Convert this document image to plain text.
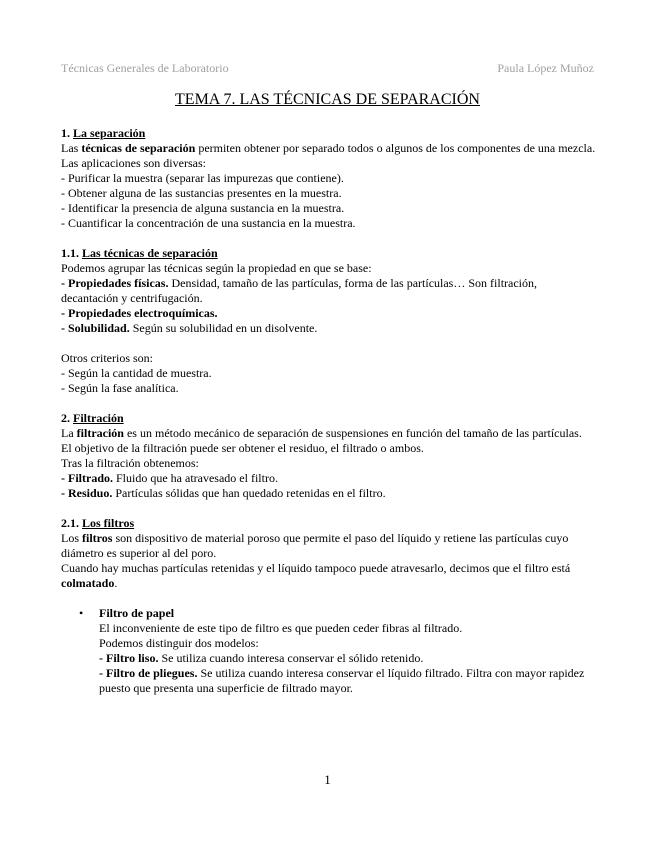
Técnicas Generales de Laboratorio	Paula López Muñoz
TEMA 7. LAS TÉCNICAS DE SEPARACIÓN

1. La separación

Las técnicas de separación permiten obtener por separado todos o algunos de los componentes de una mezcla.

Las aplicaciones son diversas:

- Purificar la muestra (separar las impurezas que contiene).

- Obtener alguna de las sustancias presentes en la muestra.

- Identificar la presencia de alguna sustancia en la muestra.

- Cuantificar la concentración de una sustancia en la muestra.

1.1. Las técnicas de separación

Podemos agrupar las técnicas según la propiedad en que se base:

- Propiedades físicas. Densidad, tamaño de las partículas, forma de las partículas… Son filtración, decantación y centrifugación.

- Propiedades electroquímicas.

- Solubilidad. Según su solubilidad en un disolvente.

Otros criterios son:

- Según la cantidad de muestra.

- Según la fase analítica.

2. Filtración

La filtración es un método mecánico de separación de suspensiones en función del tamaño de las partículas.

El objetivo de la filtración puede ser obtener el residuo, el filtrado o ambos.

Tras la filtración obtenemos:

- Filtrado. Fluido que ha atravesado el filtro.

- Residuo. Partículas sólidas que han quedado retenidas en el filtro.

2.1. Los filtros

Los filtros son dispositivo de material poroso que permite el paso del líquido y retiene las partículas cuyo diámetro es superior al del poro.

Cuando hay muchas partículas retenidas y el líquido tampoco puede atravesarlo, decimos que el filtro está colmatado.

• Filtro de papel

El inconveniente de este tipo de filtro es que pueden ceder fibras al filtrado.

Podemos distinguir dos modelos:

- Filtro liso. Se utiliza cuando interesa conservar el sólido retenido.

- Filtro de pliegues. Se utiliza cuando interesa conservar el líquido filtrado. Filtra con mayor rapidez puesto que presenta una superficie de filtrado mayor.

1
